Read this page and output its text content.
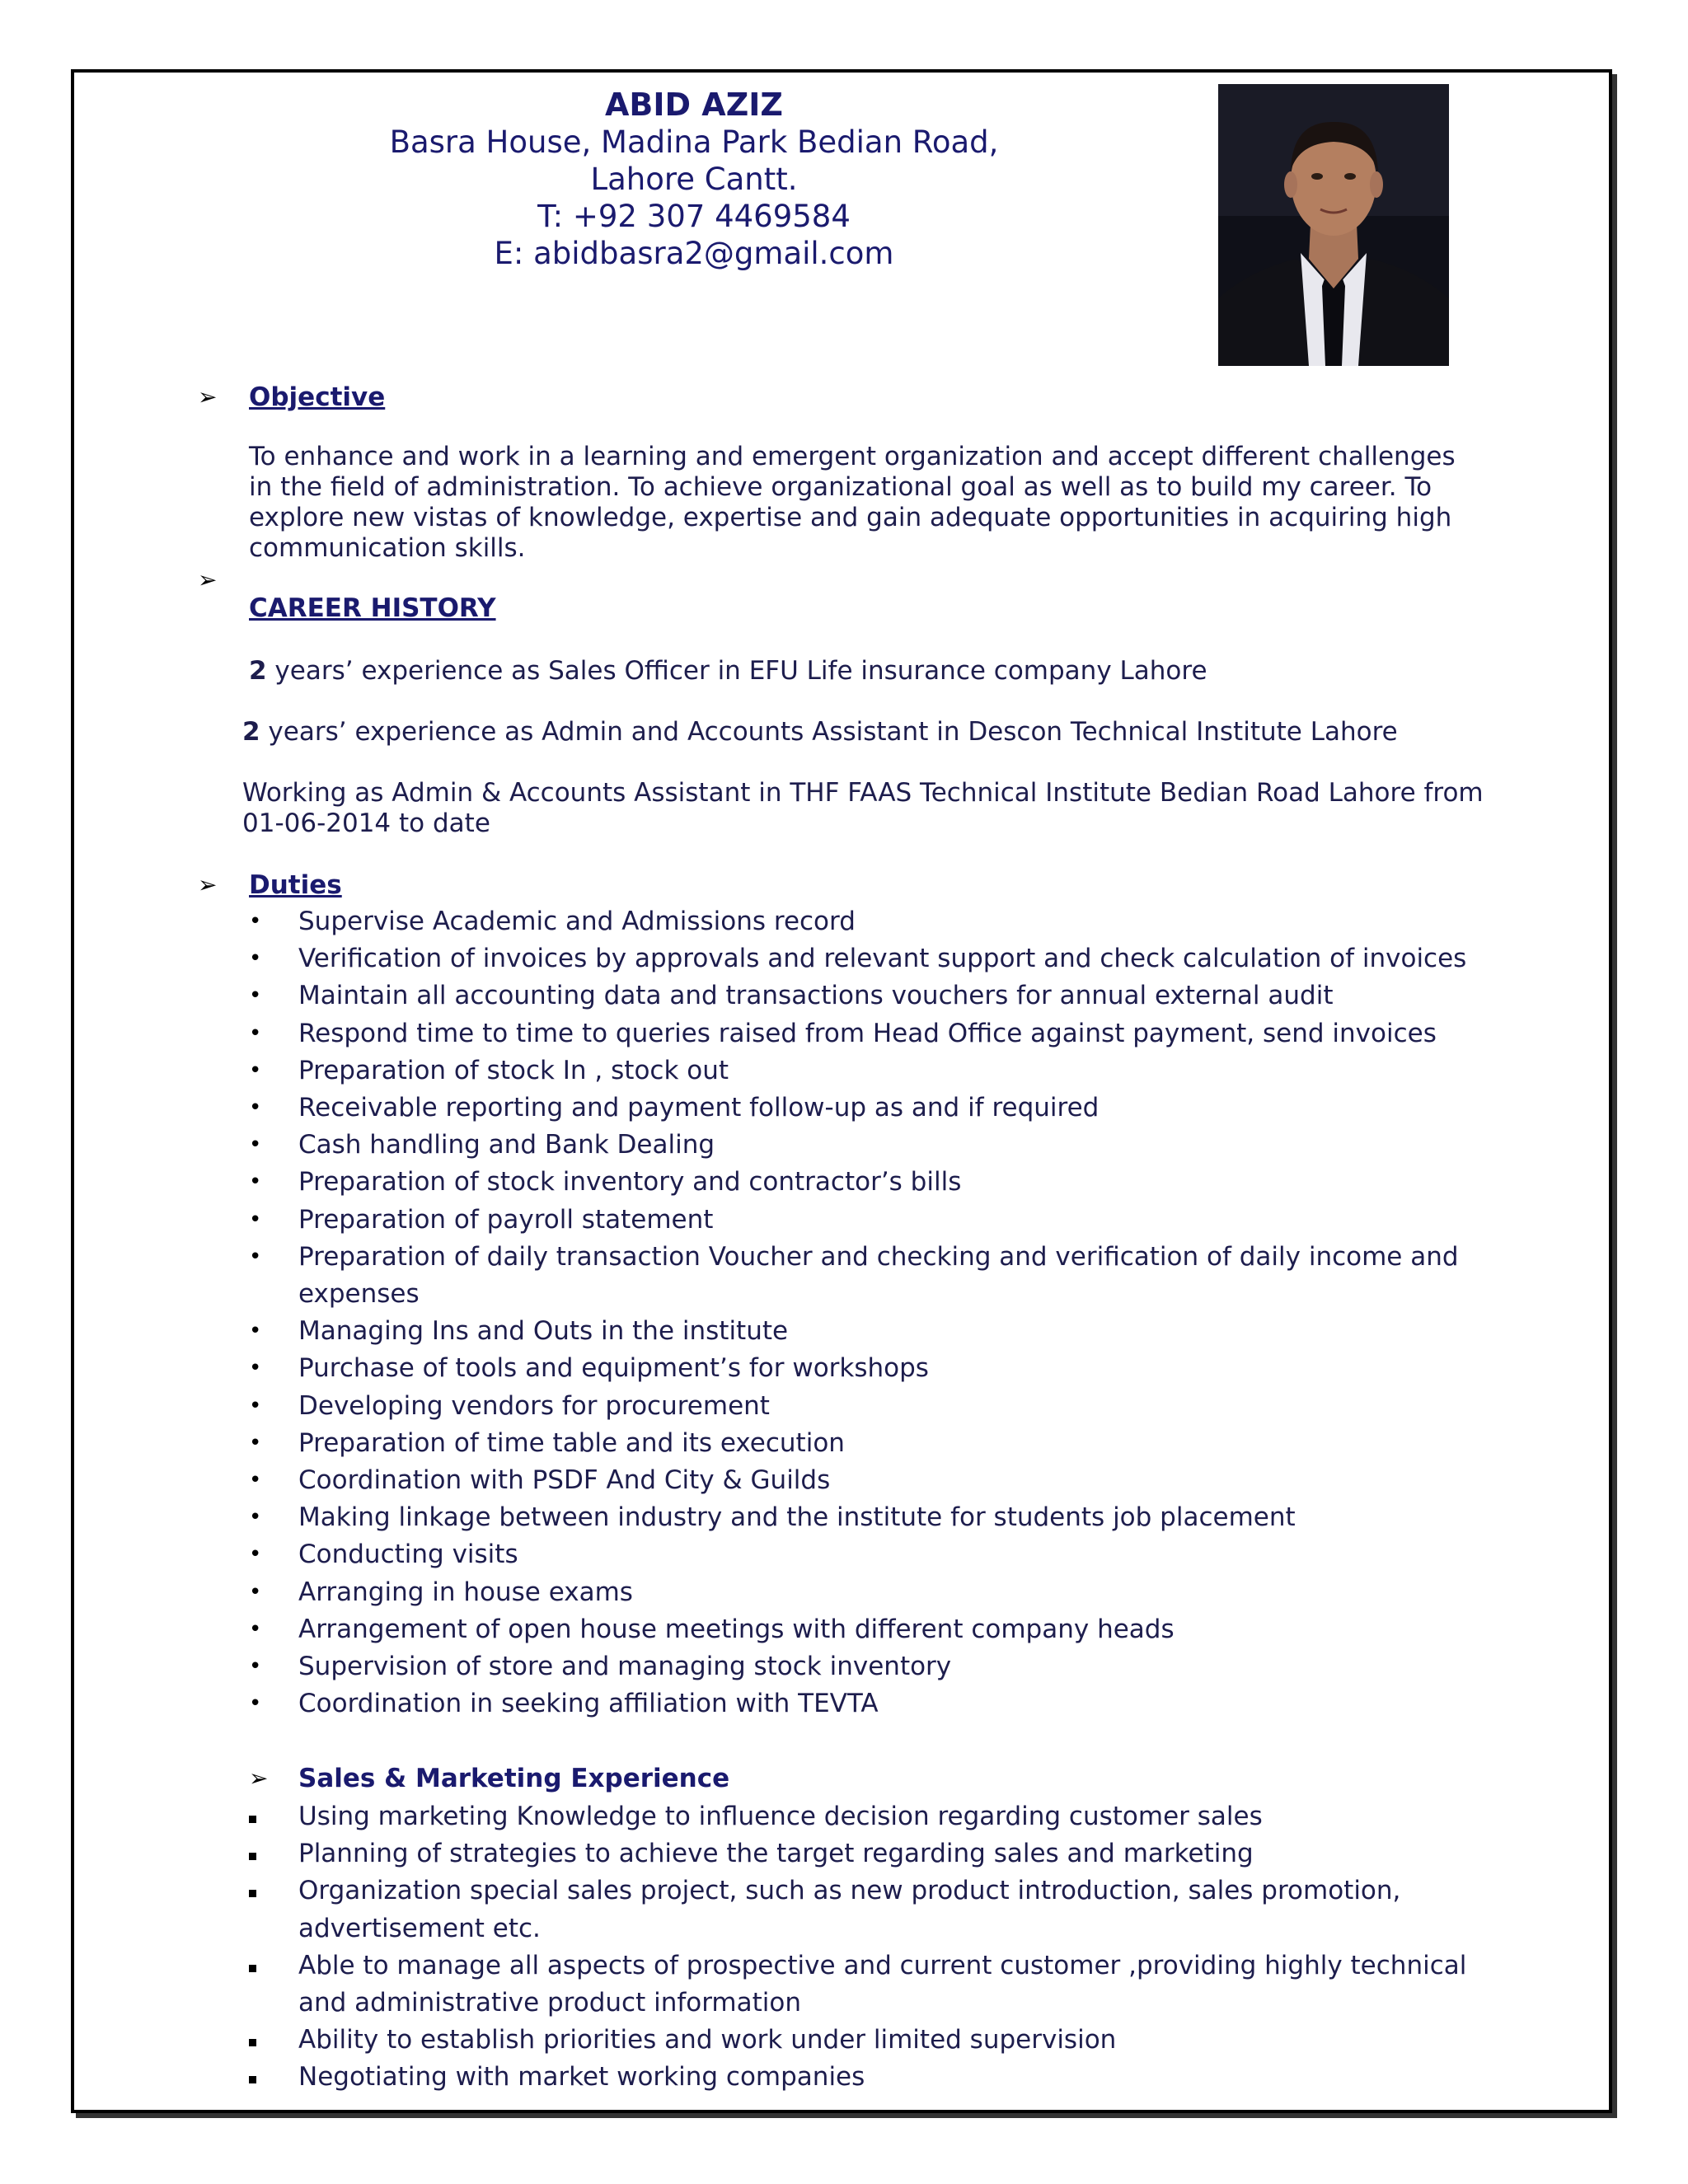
ABID AZIZ
Basra House, Madina Park Bedian Road,
Lahore Cantt.
T: +92 307 4469584
E: abidbasra2@gmail.com
➢ Objective
To enhance and work in a learning and emergent organization and accept different challenges in the field of administration. To achieve organizational goal as well as to build my career. To explore new vistas of knowledge, expertise and gain adequate opportunities in acquiring high communication skills.
➢
CAREER HISTORY
2 years’ experience as Sales Officer in EFU Life insurance company Lahore
2 years’ experience as Admin and Accounts Assistant in Descon Technical Institute Lahore
Working as Admin & Accounts Assistant in THF FAAS Technical Institute Bedian Road Lahore from 01-06-2014 to date
➢ Duties
• Supervise Academic and Admissions record
• Verification of invoices by approvals and relevant support and check calculation of invoices
• Maintain all accounting data and transactions vouchers for annual external audit
• Respond time to time to queries raised from Head Office against payment, send invoices
• Preparation of stock In , stock out
• Receivable reporting and payment follow-up as and if required
• Cash handling and Bank Dealing
• Preparation of stock inventory and contractor’s bills
• Preparation of payroll statement
• Preparation of daily transaction Voucher and checking and verification of daily income and expenses
• Managing Ins and Outs in the institute
• Purchase of tools and equipment’s for workshops
• Developing vendors for procurement
• Preparation of time table and its execution
• Coordination with PSDF And City & Guilds
• Making linkage between industry and the institute for students job placement
• Conducting visits
• Arranging in house exams
• Arrangement of open house meetings with different company heads
• Supervision of store and managing stock inventory
• Coordination in seeking affiliation with TEVTA
➢ Sales & Marketing Experience
Using marketing Knowledge to influence decision regarding customer sales
Planning of strategies to achieve the target regarding sales and marketing
Organization special sales project, such as new product introduction, sales promotion, advertisement etc.
Able to manage all aspects of prospective and current customer ,providing highly technical and administrative product information
Ability to establish priorities and work under limited supervision
Negotiating with market working companies
